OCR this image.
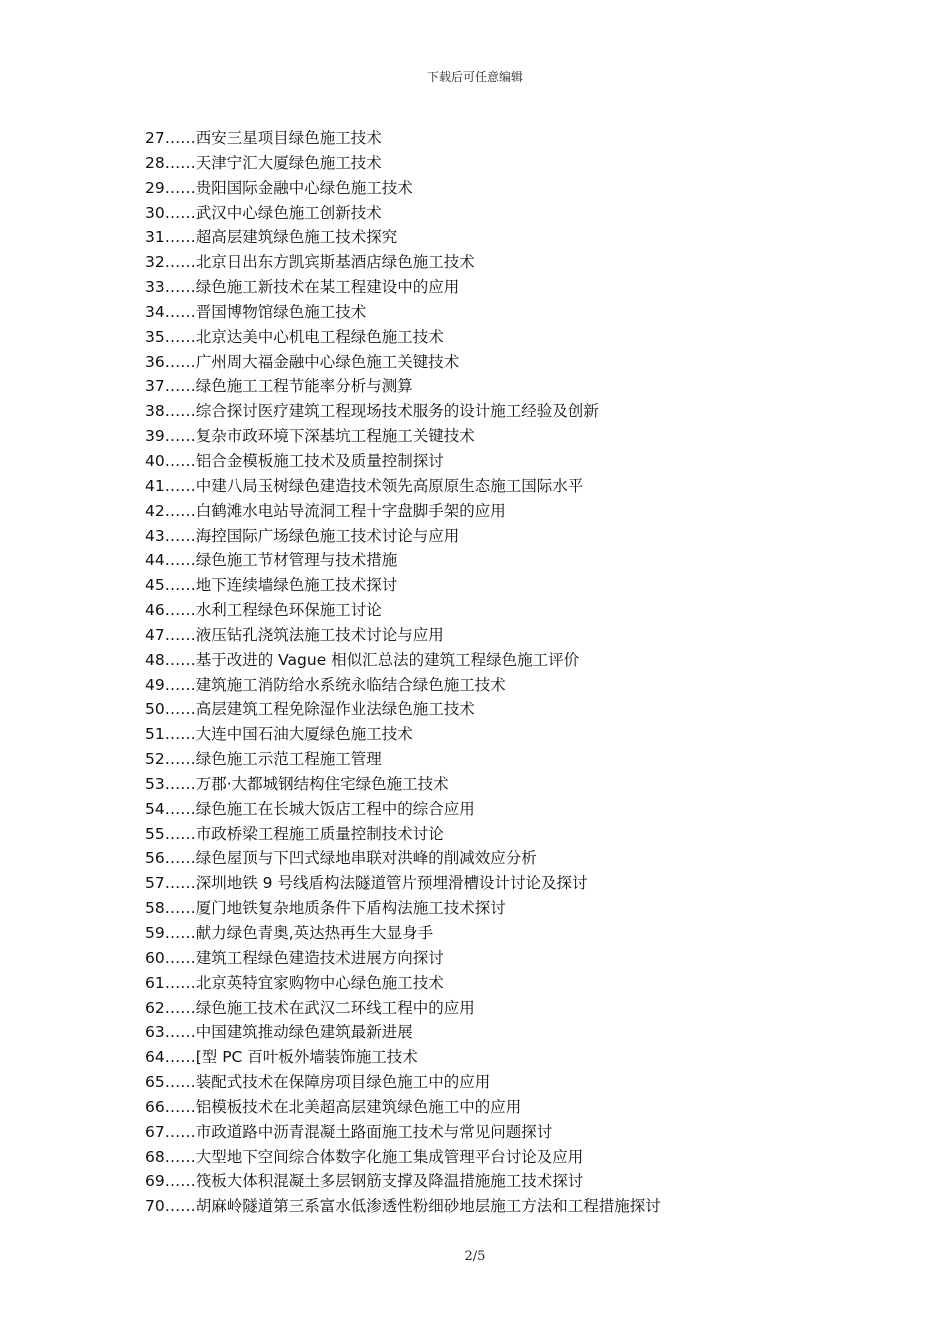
下载后可任意编辑
27……西安三星项目绿色施工技术
28……天津宁汇大厦绿色施工技术
29……贵阳国际金融中心绿色施工技术
30……武汉中心绿色施工创新技术
31……超高层建筑绿色施工技术探究
32……北京日出东方凯宾斯基酒店绿色施工技术
33……绿色施工新技术在某工程建设中的应用
34……晋国博物馆绿色施工技术
35……北京达美中心机电工程绿色施工技术
36……广州周大福金融中心绿色施工关键技术
37……绿色施工工程节能率分析与测算
38……综合探讨医疗建筑工程现场技术服务的设计施工经验及创新
39……复杂市政环境下深基坑工程施工关键技术
40……铝合金模板施工技术及质量控制探讨
41……中建八局玉树绿色建造技术领先高原原生态施工国际水平
42……白鹤滩水电站导流洞工程十字盘脚手架的应用
43……海控国际广场绿色施工技术讨论与应用
44……绿色施工节材管理与技术措施
45……地下连续墙绿色施工技术探讨
46……水利工程绿色环保施工讨论
47……液压钻孔浇筑法施工技术讨论与应用
48……基于改进的 Vague 相似汇总法的建筑工程绿色施工评价
49……建筑施工消防给水系统永临结合绿色施工技术
50……高层建筑工程免除湿作业法绿色施工技术
51……大连中国石油大厦绿色施工技术
52……绿色施工示范工程施工管理
53……万郡·大都城钢结构住宅绿色施工技术
54……绿色施工在长城大饭店工程中的综合应用
55……市政桥梁工程施工质量控制技术讨论
56……绿色屋顶与下凹式绿地串联对洪峰的削减效应分析
57……深圳地铁 9 号线盾构法隧道管片预埋滑槽设计讨论及探讨
58……厦门地铁复杂地质条件下盾构法施工技术探讨
59……献力绿色青奥,英达热再生大显身手
60……建筑工程绿色建造技术进展方向探讨
61……北京英特宜家购物中心绿色施工技术
62……绿色施工技术在武汉二环线工程中的应用
63……中国建筑推动绿色建筑最新进展
64……[型 PC 百叶板外墙装饰施工技术
65……装配式技术在保障房项目绿色施工中的应用
66……铝模板技术在北美超高层建筑绿色施工中的应用
67……市政道路中沥青混凝土路面施工技术与常见问题探讨
68……大型地下空间综合体数字化施工集成管理平台讨论及应用
69……筏板大体积混凝土多层钢筋支撑及降温措施施工技术探讨
70……胡麻岭隧道第三系富水低渗透性粉细砂地层施工方法和工程措施探讨
2/5
